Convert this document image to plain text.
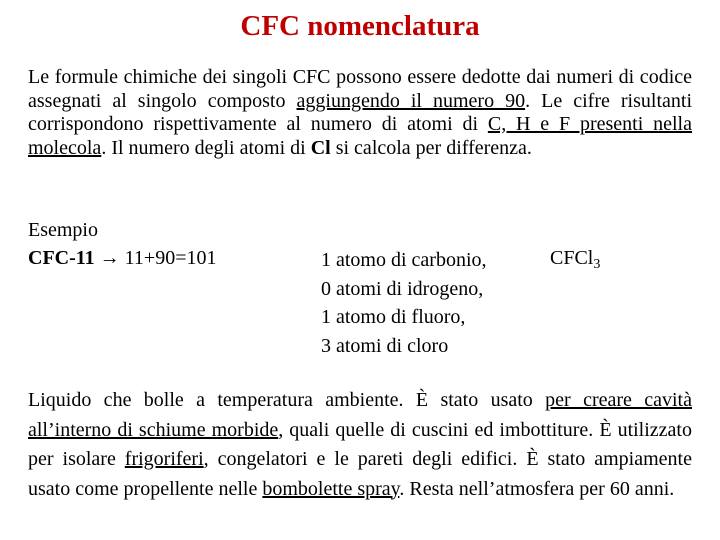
CFC nomenclatura
Le formule chimiche dei singoli CFC possono essere dedotte dai numeri di codice assegnati al singolo composto aggiungendo il numero 90. Le cifre risultanti corrispondono rispettivamente al numero di atomi di C, H e F presenti nella molecola. Il numero degli atomi di Cl si calcola per differenza.
Esempio
CFC-11 → 11+90=101	1 atomo di carbonio,
0 atomi di idrogeno,
1 atomo di fluoro,
3 atomi di cloro
CFCl$_3$
Liquido che bolle a temperatura ambiente. È stato usato per creare cavità all’interno di schiume morbide, quali quelle di cuscini ed imbottiture. È utilizzato per isolare frigoriferi, congelatori e le pareti degli edifici. È stato ampiamente usato come propellente nelle bombolette spray. Resta nell’atmosfera per 60 anni.
